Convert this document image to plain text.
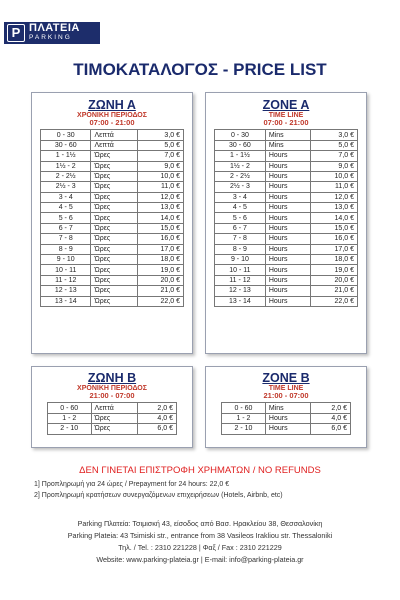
P ΠΛΑΤΕΙΑ
PARKING
ΤΙΜΟΚΑΤΑΛΟΓΟΣ - PRICE LIST
ΖΩΝΗ Α
ΧΡΟΝΙΚΗ ΠΕΡΙΟΔΟΣ
07:00 - 21:00
0 - 30	Λεπτά	3,0 €
30 - 60	Λεπτά	5,0 €
1 - 1½	Ώρες	7,0 €
1½ - 2	Ώρες	9,0 €
2 - 2½	Ώρες	10,0 €
2½ - 3	Ώρες	11,0 €
3 - 4	Ώρες	12,0 €
4 - 5	Ώρες	13,0 €
5 - 6	Ώρες	14,0 €
6 - 7	Ώρες	15,0 €
7 - 8	Ώρες	16,0 €
8 - 9	Ώρες	17,0 €
9 - 10	Ώρες	18,0 €
10 - 11	Ώρες	19,0 €
11 - 12	Ώρες	20,0 €
12 - 13	Ώρες	21,0 €
13 - 14	Ώρες	22,0 €
ZONE A
TIME LINE
07:00 - 21:00
0 - 30	Mins	3,0 €
30 - 60	Mins	5,0 €
1 - 1½	Hours	7,0 €
1½ - 2	Hours	9,0 €
2 - 2½	Hours	10,0 €
2½ - 3	Hours	11,0 €
3 - 4	Hours	12,0 €
4 - 5	Hours	13,0 €
5 - 6	Hours	14,0 €
6 - 7	Hours	15,0 €
7 - 8	Hours	16,0 €
8 - 9	Hours	17,0 €
9 - 10	Hours	18,0 €
10 - 11	Hours	19,0 €
11 - 12	Hours	20,0 €
12 - 13	Hours	21,0 €
13 - 14	Hours	22,0 €
ΖΩΝΗ Β
ΧΡΟΝΙΚΗ ΠΕΡΙΟΔΟΣ
21:00 - 07:00
0 - 60	Λεπτά	2,0 €
1 - 2	Ώρες	4,0 €
2 - 10	Ώρες	6,0 €
ZONE B
TIME LINE
21:00 - 07:00
0 - 60	Mins	2,0 €
1 - 2	Hours	4,0 €
2 - 10	Hours	6,0 €
ΔΕΝ ΓΙΝΕΤΑΙ ΕΠΙΣΤΡΟΦΗ ΧΡΗΜΑΤΩΝ / NO REFUNDS
1] Προπληρωμή για 24 ώρες / Prepayment for 24 hours: 22,0 €
2] Προπληρωμή κρατήσεων συνεργαζόμενων επιχειρήσεων (Hotels, Airbnb, etc)
Parking Πλατεία: Τσιμισκή 43, είσοδος από Βασ. Ηρακλείου 38, Θεσσαλονίκη
Parking Plateia: 43 Tsimiski str., entrance from 38 Vasileos Irakliou str. Thessaloniki
Τηλ. / Tel. : 2310 221228 | Φαξ / Fax : 2310 221229
Website: www.parking-plateia.gr | E-mail: info@parking-plateia.gr
